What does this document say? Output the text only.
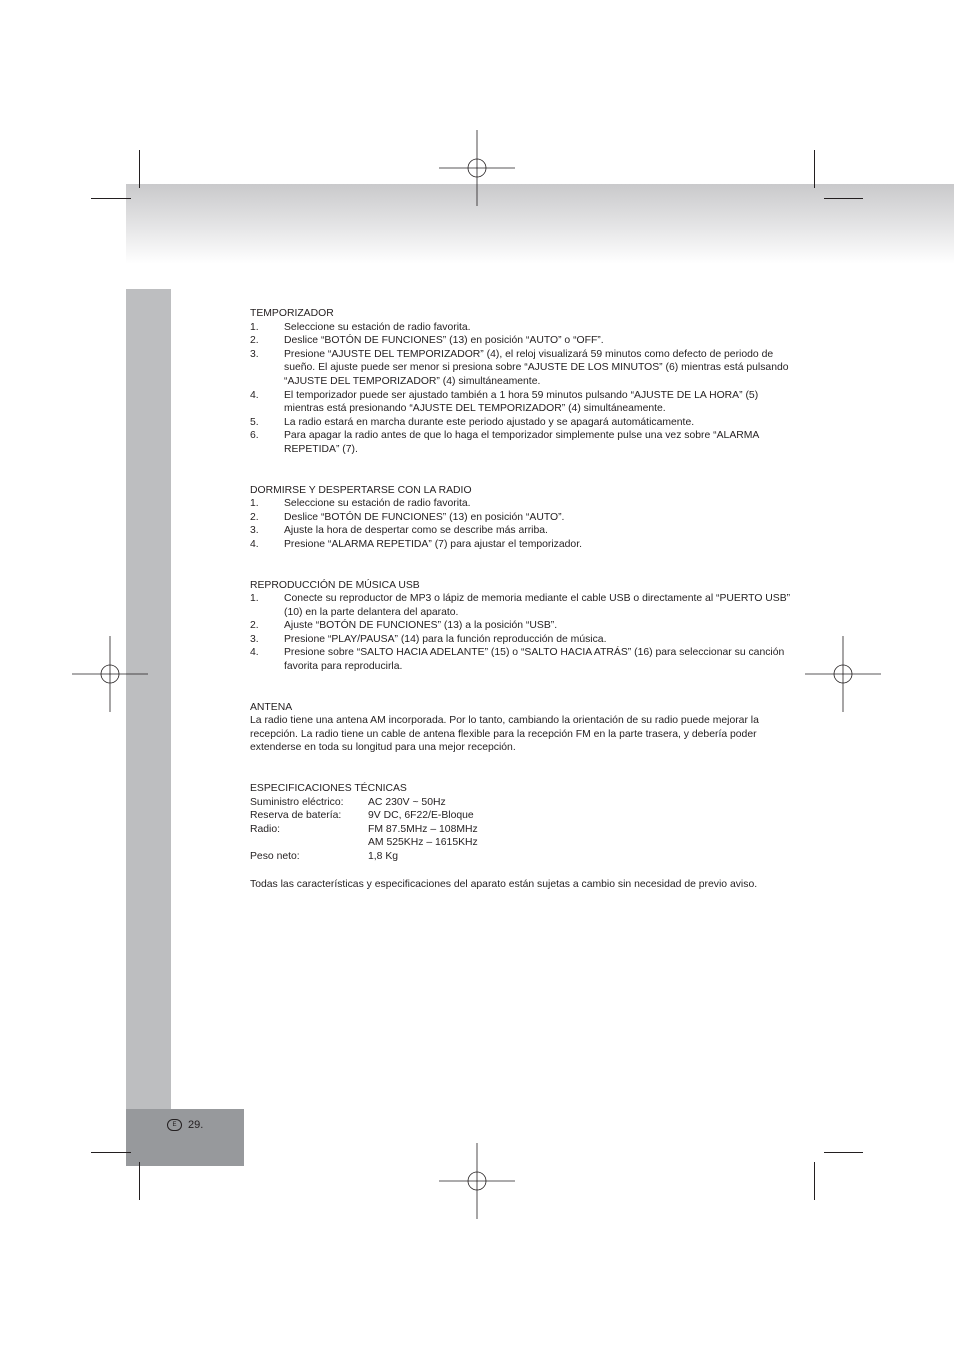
E	29.

TEMPORIZADOR

1.	Seleccione su estación de radio favorita.
2.	Deslice “BOTÓN DE FUNCIONES” (13) en posición “AUTO” o “OFF”.
3.	Presione “AJUSTE DEL TEMPORIZADOR” (4), el reloj visualizará 59 minutos como defecto de periodo de sueño. El ajuste puede ser menor si presiona sobre “AJUSTE DE LOS MINUTOS” (6) mientras está pulsando “AJUSTE DEL TEMPORIZADOR” (4) simultáneamente.
4.	El temporizador puede ser ajustado también a 1 hora 59 minutos pulsando “AJUSTE DE LA HORA” (5) mientras está presionando “AJUSTE DEL TEMPORIZADOR” (4) simultáneamente.
5.	La radio estará en marcha durante este periodo ajustado y se apagará automáticamente.
6.	Para apagar la radio antes de que lo haga el temporizador simplemente pulse una vez sobre “ALARMA REPETIDA” (7).

DORMIRSE Y DESPERTARSE CON LA RADIO

1.	Seleccione su estación de radio favorita.
2.	Deslice “BOTÓN DE FUNCIONES” (13) en posición “AUTO”.
3.	Ajuste la hora de despertar como se describe más arriba.
4.	Presione “ALARMA REPETIDA” (7) para ajustar el temporizador.

REPRODUCCIÓN DE MÚSICA USB

1.	Conecte su reproductor de MP3 o lápiz de memoria mediante el cable USB o directamente al “PUERTO USB” (10) en la parte delantera del aparato.
2.	Ajuste “BOTÓN DE FUNCIONES” (13) a la posición “USB”.
3.	Presione “PLAY/PAUSA” (14) para la función reproducción de música.
4.	Presione sobre “SALTO HACIA ADELANTE” (15) o “SALTO HACIA ATRÁS” (16) para seleccionar su canción favorita para reproducirla.

ANTENA

La radio tiene una antena AM incorporada. Por lo tanto, cambiando la orientación de su radio puede mejorar la recepción. La radio tiene un cable de antena flexible para la recepción FM en la parte trasera, y debería poder extenderse en toda su longitud para una mejor recepción.

ESPECIFICACIONES TÉCNICAS

Suministro eléctrico:	AC 230V ~ 50Hz
Reserva de batería:	9V DC, 6F22/E-Bloque
Radio:	FM 87.5MHz – 108MHz
AM 525KHz – 1615KHz
Peso neto:	1,8 Kg

Todas las características y especificaciones del aparato están sujetas a cambio sin necesidad de previo aviso.
